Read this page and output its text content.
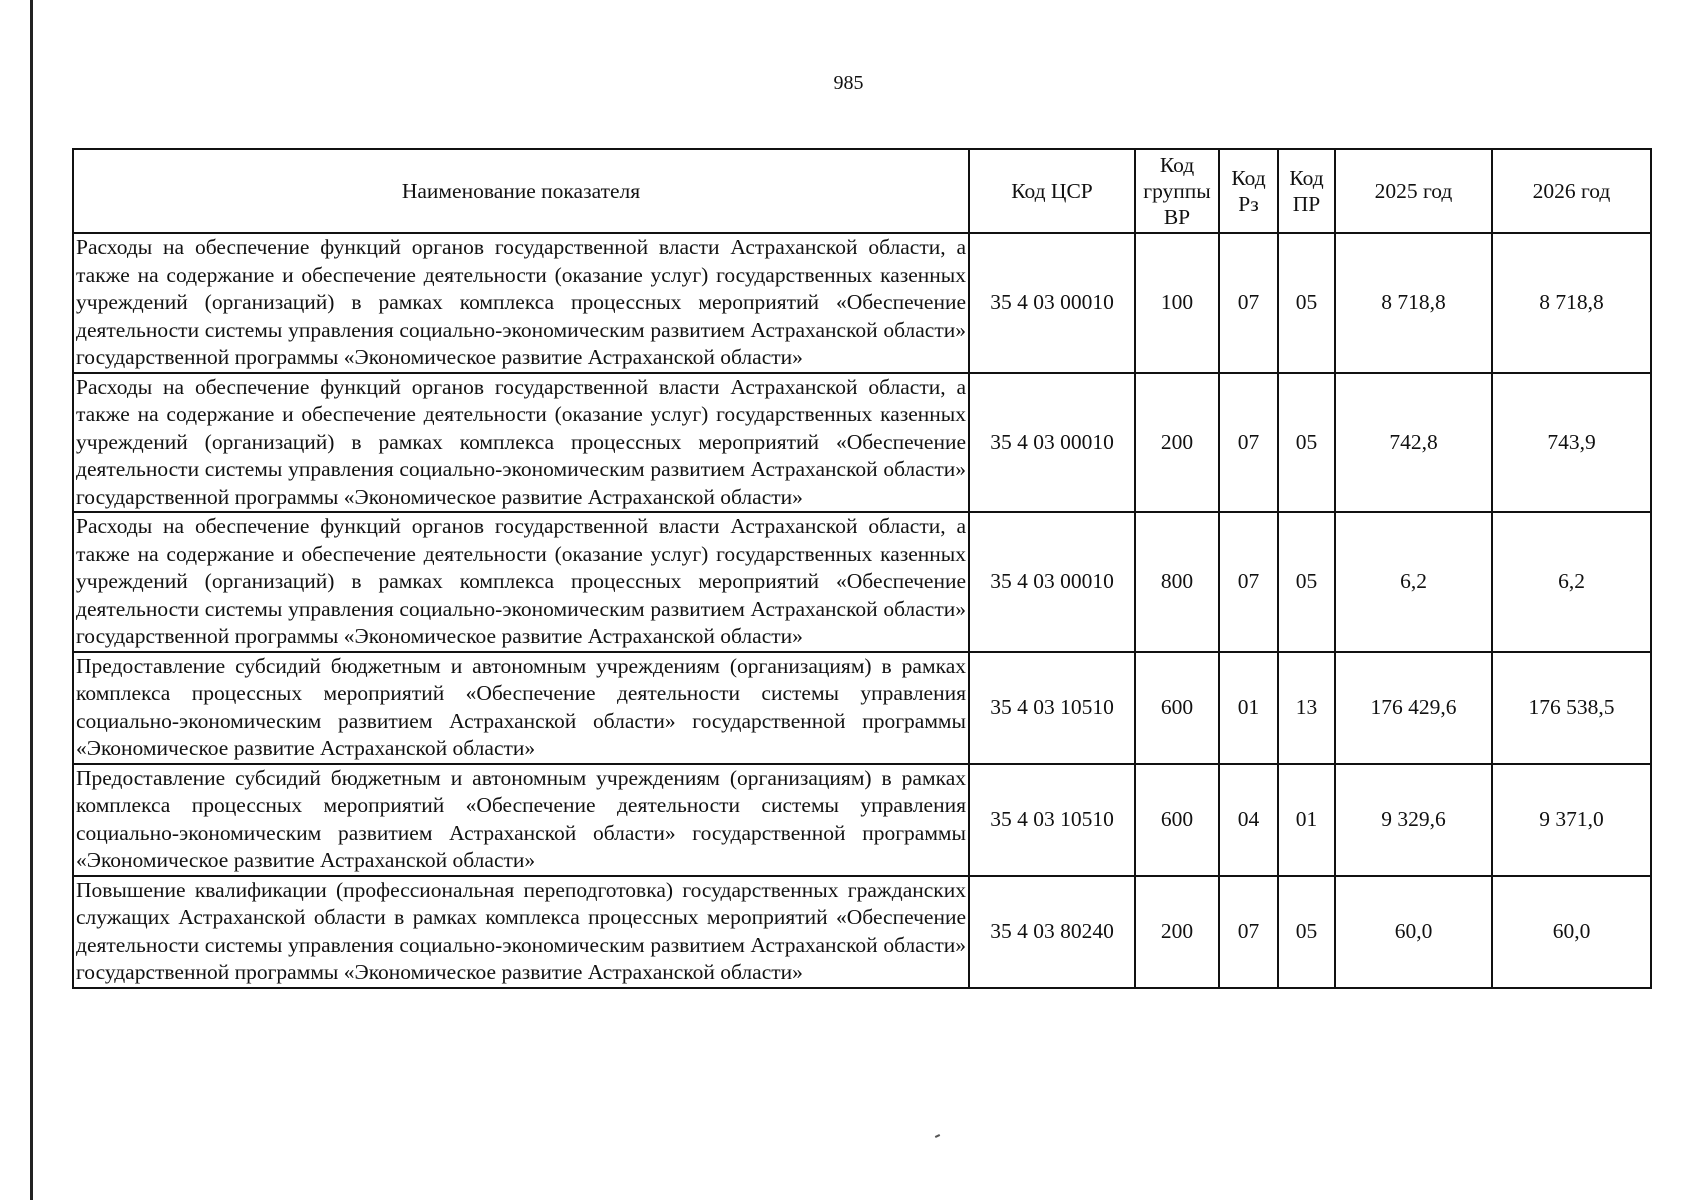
985
Наименование показателя	Код ЦСР	Код группы ВР	Код Рз	Код ПР	2025 год	2026 год
Расходы на обеспечение функций органов государственной власти Астраханской области, а также на содержание и обеспечение деятельности (оказание услуг) государственных казенных учреждений (организаций) в рамках комплекса процессных мероприятий «Обеспечение деятельности системы управления социально-экономическим развитием Астраханской области» государственной программы «Экономическое развитие Астраханской области»	35 4 03 00010	100	07	05	8 718,8	8 718,8
Расходы на обеспечение функций органов государственной власти Астраханской области, а также на содержание и обеспечение деятельности (оказание услуг) государственных казенных учреждений (организаций) в рамках комплекса процессных мероприятий «Обеспечение деятельности системы управления социально-экономическим развитием Астраханской области» государственной программы «Экономическое развитие Астраханской области»	35 4 03 00010	200	07	05	742,8	743,9
Расходы на обеспечение функций органов государственной власти Астраханской области, а также на содержание и обеспечение деятельности (оказание услуг) государственных казенных учреждений (организаций) в рамках комплекса процессных мероприятий «Обеспечение деятельности системы управления социально-экономическим развитием Астраханской области» государственной программы «Экономическое развитие Астраханской области»	35 4 03 00010	800	07	05	6,2	6,2
Предоставление субсидий бюджетным и автономным учреждениям (организациям) в рамках комплекса процессных мероприятий «Обеспечение деятельности системы управления социально-экономическим развитием Астраханской области» государственной программы «Экономическое развитие Астраханской области»	35 4 03 10510	600	01	13	176 429,6	176 538,5
Предоставление субсидий бюджетным и автономным учреждениям (организациям) в рамках комплекса процессных мероприятий «Обеспечение деятельности системы управления социально-экономическим развитием Астраханской области» государственной программы «Экономическое развитие Астраханской области»	35 4 03 10510	600	04	01	9 329,6	9 371,0
Повышение квалификации (профессиональная переподготовка) государственных гражданских служащих Астраханской области в рамках комплекса процессных мероприятий «Обеспечение деятельности системы управления социально-экономическим развитием Астраханской области» государственной программы «Экономическое развитие Астраханской области»	35 4 03 80240	200	07	05	60,0	60,0
